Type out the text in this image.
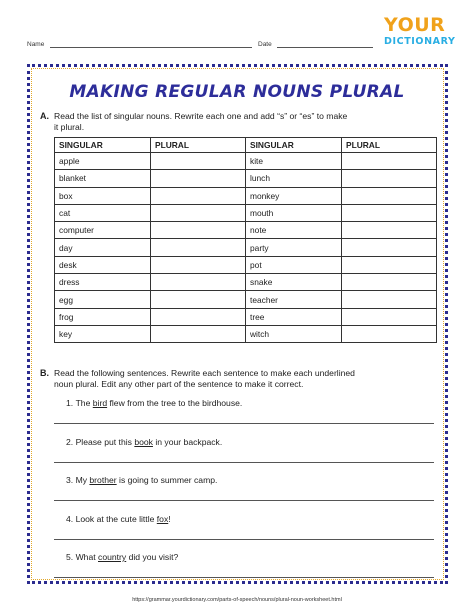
Name	Date
YOUR
DICTIONARY
MAKING REGULAR NOUNS PLURAL
A. Read the list of singular nouns. Rewrite each one and add “s” or “es” to make
it plural.
SINGULAR	PLURAL	SINGULAR	PLURAL
apple		kite	
blanket		lunch	
box		monkey	
cat		mouth	
computer		note	
day		party	
desk		pot	
dress		snake	
egg		teacher	
frog		tree	
key		witch	
B. Read the following sentences. Rewrite each sentence to make each underlined
noun plural. Edit any other part of the sentence to make it correct.
1. The bird flew from the tree to the birdhouse.
2. Please put this book in your backpack.
3. My brother is going to summer camp.
4. Look at the cute little fox!
5. What country did you visit?
https://grammar.yourdictionary.com/parts-of-speech/nouns/plural-noun-worksheet.html
